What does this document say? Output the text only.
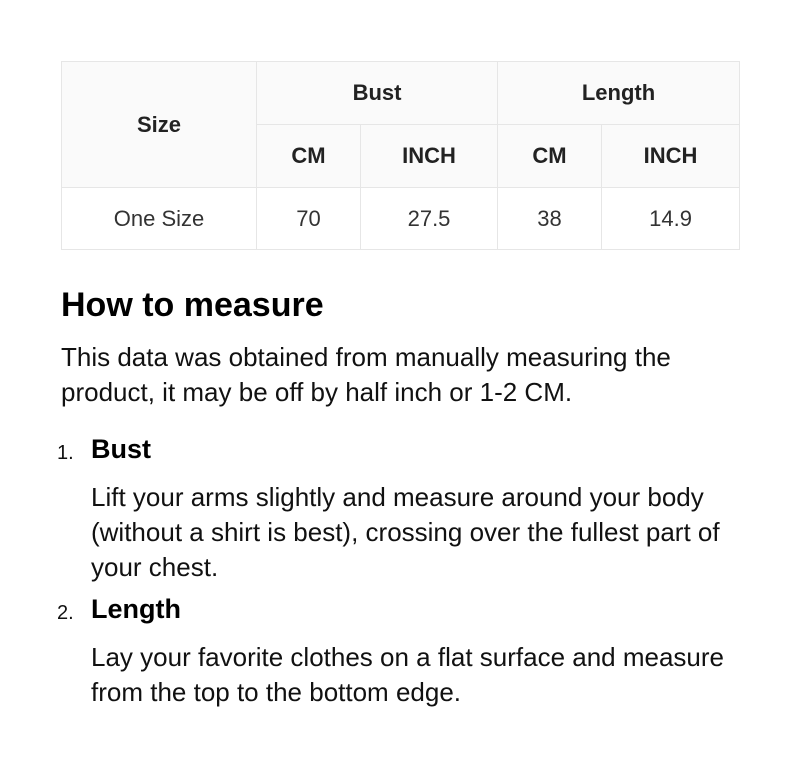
Size	Bust		Length	
	CM	INCH	CM	INCH
One Size	70	27.5	38	14.9
How to measure

This data was obtained from manually measuring the product, it may be off by half inch or 1-2 CM.

1. Bust

Lift your arms slightly and measure around your body (without a shirt is best), crossing over the fullest part of your chest.

2. Length

Lay your favorite clothes on a flat surface and measure from the top to the bottom edge.
